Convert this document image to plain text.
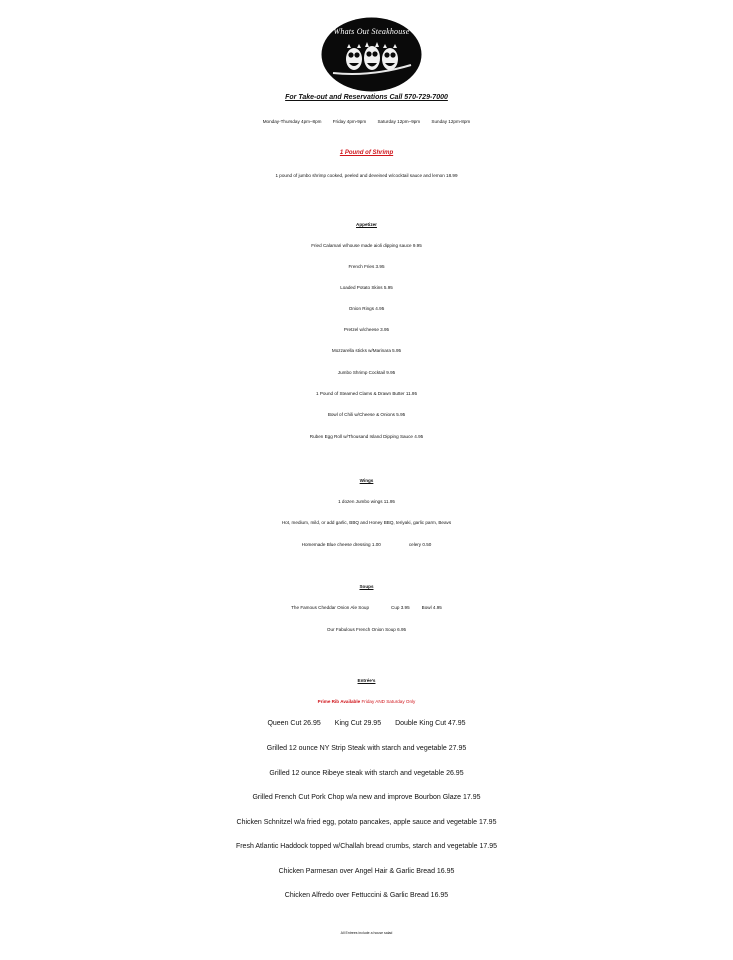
Whats Out Steakhouse
For Take-out and Reservations Call 570-729-7000
Monday-Thursday 4pm–8pm Friday 4pm-9pm Saturday 12pm–9pm Sunday 12pm-8pm
1 Pound of Shrimp
1 pound of jumbo shrimp cooked, peeled and deveined w/cocktail sauce and lemon 18.99
Appetizer
Fried Calamari w/house made aioli dipping sauce 9.95
French Fries 3.95
Loaded Potato Skins 5.95
Onion Rings 4.95
Pretzel w/cheese 3.95
Mozzarella sticks w/Marinara 5.95
Jumbo Shrimp Cocktail 9.95
1 Pound of Steamed Clams & Drawn Butter 11.95
Bowl of Chili w/Cheese & Onions 5.95
Ruben Egg Roll w/Thousand Island Dipping Sauce 4.95
Wings
1 dozen Jumbo wings 11.95
Hot, medium, mild, or add garlic, BBQ and Honey BBQ, teriyaki, garlic parm, Beavs
Homemade Blue cheese dressing 1.00	celery 0.50
Soups
The Famous Cheddar Onion Ale Soup	Cup 3.95	Bowl 4.95
Our Fabulous French Onion Soup 6.95
Entrée’s
Prime Rib Available Friday AND Saturday Only
Queen Cut 26.95 King Cut 29.95 Double King Cut 47.95
Grilled 12 ounce NY Strip Steak with starch and vegetable 27.95
Grilled 12 ounce Ribeye steak with starch and vegetable 26.95
Grilled French Cut Pork Chop w/a new and improve Bourbon Glaze 17.95
Chicken Schnitzel w/a fried egg, potato pancakes, apple sauce and vegetable 17.95
Fresh Atlantic Haddock topped w/Challah bread crumbs, starch and vegetable 17.95
Chicken Parmesan over Angel Hair & Garlic Bread 16.95
Chicken Alfredo over Fettuccini & Garlic Bread 16.95
All Entrees include a house salad
